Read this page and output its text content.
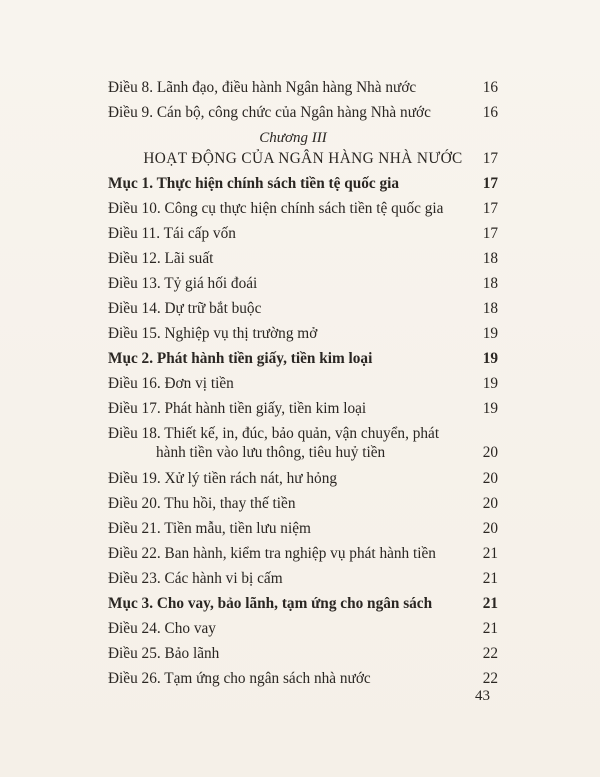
Điều 8. Lãnh đạo, điều hành Ngân hàng Nhà nước	16
Điều 9. Cán bộ, công chức của Ngân hàng Nhà nước	16
Chương III
HOẠT ĐỘNG CỦA NGÂN HÀNG NHÀ NƯỚC	17
Mục 1. Thực hiện chính sách tiền tệ quốc gia	17
Điều 10. Công cụ thực hiện chính sách tiền tệ quốc gia	17
Điều 11. Tái cấp vốn	17
Điều 12. Lãi suất	18
Điều 13. Tỷ giá hối đoái	18
Điều 14. Dự trữ bắt buộc	18
Điều 15. Nghiệp vụ thị trường mở	19
Mục 2. Phát hành tiền giấy, tiền kim loại	19
Điều 16. Đơn vị tiền	19
Điều 17. Phát hành tiền giấy, tiền kim loại	19
Điều 18. Thiết kế, in, đúc, bảo quản, vận chuyển, phát hành tiền vào lưu thông, tiêu huỷ tiền	20
Điều 19. Xử lý tiền rách nát, hư hỏng	20
Điều 20. Thu hồi, thay thế tiền	20
Điều 21. Tiền mẫu, tiền lưu niệm	20
Điều 22. Ban hành, kiểm tra nghiệp vụ phát hành tiền	21
Điều 23. Các hành vi bị cấm	21
Mục 3. Cho vay, bảo lãnh, tạm ứng cho ngân sách	21
Điều 24. Cho vay	21
Điều 25. Bảo lãnh	22
Điều 26. Tạm ứng cho ngân sách nhà nước	22
43
